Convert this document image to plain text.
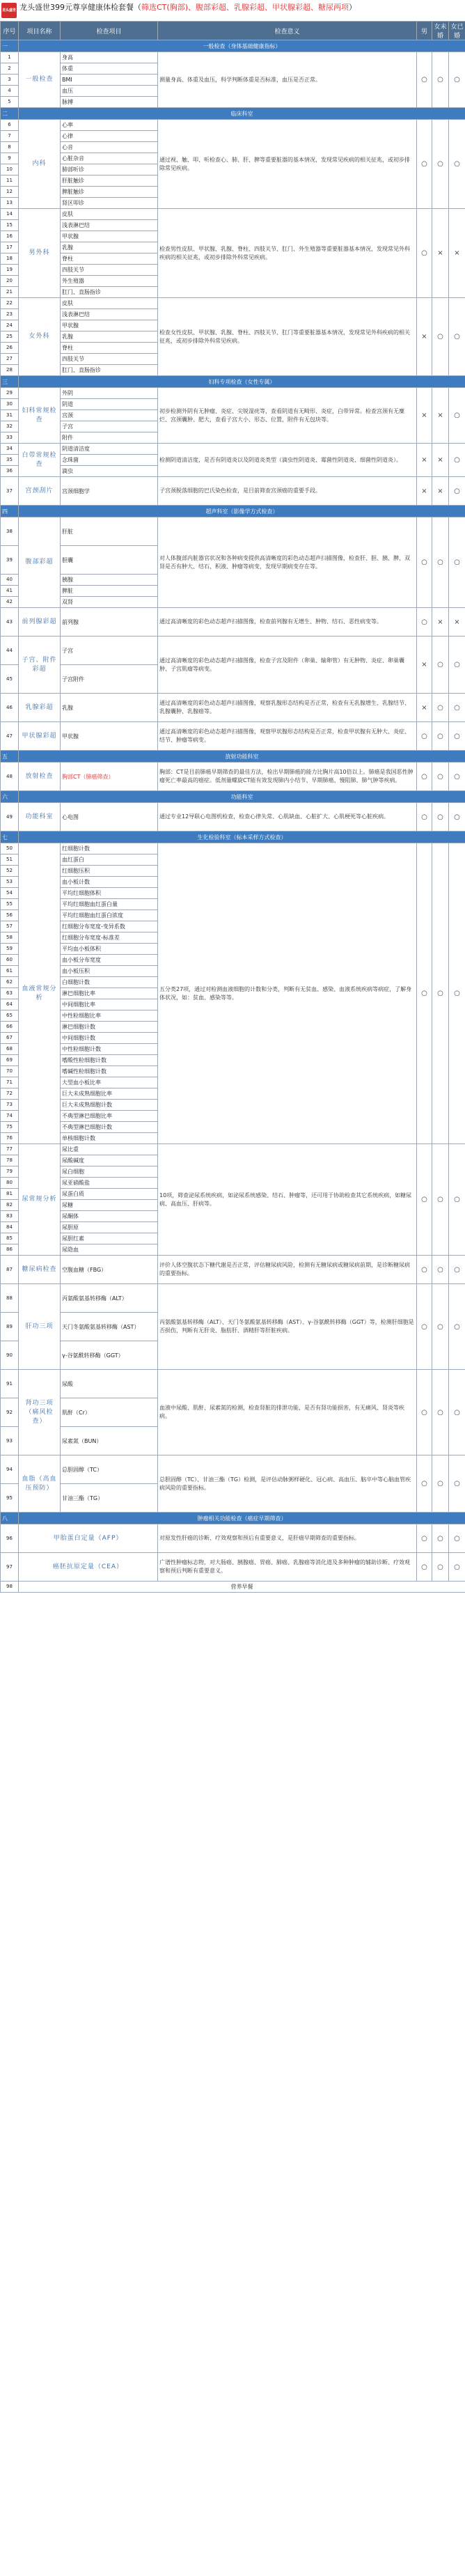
龙头盛世 龙头盛世399元尊享健康体检套餐（筛选CT(胸部)、腹部彩超、乳腺彩超、甲状腺彩超、糖尿两项）
序号	项目名称	检查项目	检查意义	男	女未婚	女已婚
一	一般检查（身体基础健康指标）					
1	一般检查	身高	测量身高、体重及血压，科学判断体重是否标准，血压是否正常。	○	○	○
2		体重				
3		BMI				
4		血压				
5		脉搏				
二	临床科室					
6	内科	心率	通过视、触、叩、听检查心、肺、肝、脾等重要脏器的基本情况，发现常见疾病的相关征兆，或初步排除常见疾病。	○	○	○
7		心律				
8		心音				
9		心脏杂音				
10		肺部听诊				
11		肝脏触诊				
12		脾脏触诊				
13		肾区叩诊				
14	男外科	皮肤	检查男性皮肤、甲状腺、乳腺、脊柱、四肢关节、肛门、外生殖器等重要脏器基本情况，发现常见外科疾病的相关征兆，或初步排除外科常见疾病。	○	×	×
15		浅表淋巴结				
16		甲状腺				
17		乳腺				
18		脊柱				
19		四肢关节				
20		外生殖器				
21		肛门、直肠指诊				
22	女外科	皮肤	检查女性皮肤、甲状腺、乳腺、脊柱、四肢关节、肛门等重要脏器基本情况，发现常见外科疾病的相关征兆，或初步排除外科常见疾病。	×	○	○
23		浅表淋巴结				
24		甲状腺				
25		乳腺				
26		脊柱				
27		四肢关节				
28		肛门、直肠指诊				
三	妇科专项检查（女性专属）					
29	妇科常规检查	外阴	初步检测外阴有无肿瘤、炎症、尖锐湿疣等，查看阴道有无畸形、炎症，白带异常。检查宫颈有无糜烂、宫颈囊肿、肥大，查看子宫大小、形态、位置，附件有无包块等。	×	×	○
30		阴道				
31		宫颈				
32		子宫				
33		附件				
34	白带常规检查	阴道清洁度	检测阴道清洁度，是否有阴道炎以及阴道炎类型（滴虫性阴道炎、霉菌性阴道炎、细菌性阴道炎）。	×	×	○
35		念珠菌				
36		滴虫				
37	宫颈刮片	宫颈细胞学	子宫颈脱落细胞的巴氏染色检查，是目前筛查宫颈癌的重要手段。	×	×	○
四	超声科室（影像学方式检查）					
38	腹部彩超	肝脏	对人体腹部内脏器官状况和各种病变提供高清晰度的彩色动态超声扫描图像，检查肝、胆、胰、脾、双肾是否有肿大、结石、积液、肿瘤等病变，发现早期病变存在等。	○	○	○
39		胆囊				
40		胰腺				
41		脾脏				
42		双肾				
43	前列腺彩超	前列腺	通过高清晰度的彩色动态超声扫描图像，检查前列腺有无增生、肿物、结石、恶性病变等。	○	×	×
44	子宫、附件彩超	子宫	通过高清晰度的彩色动态超声扫描图像，检查子宫及附件（卵巢、输卵管）有无肿物、炎症、卵巢囊肿、子宫肌瘤等病变。	×	○	○
45		子宫附件				
46	乳腺彩超	乳腺	通过高清晰度的彩色动态超声扫描图像，观察乳腺形态结构是否正常，检查有无乳腺增生、乳腺结节、乳腺囊肿、乳腺癌等。	×	○	○
47	甲状腺彩超	甲状腺	通过高清晰度的彩色动态超声扫描图像，观察甲状腺形态结构是否正常，检查甲状腺有无肿大、炎症、结节、肿瘤等病变。	○	○	○
五	放射功能科室					
48	放射检查	胸部CT（肺癌筛查）	胸部：CT是目前肺癌早期筛查的最佳方法，检出早期肺癌的能力比胸片高10倍以上。肺癌是我国恶性肿瘤死亡率最高的癌症。低剂量螺旋CT能有效发现肺内小结节、早期肺癌、慢阻肺、肺气肿等疾病。	○	○	○
六	功能科室					
49	功能科室	心电图	通过专业12导联心电图机检查，检查心律失常、心肌缺血、心脏扩大、心肌梗死等心脏疾病。	○	○	○
七	生化检验科室（标本采样方式检查）					
50	血液常规分析	红细胞计数	五分类27项，通过对检测血液细胞的计数和分类，判断有无贫血、感染、血液系统疾病等病症，了解身体状况，如：贫血、感染等等。	○	○	○
51		血红蛋白				
52		红细胞压积				
53		血小板计数				
54		平均红细胞体积				
55		平均红细胞血红蛋白量				
56		平均红细胞血红蛋白浓度				
57		红细胞分布宽度-变异系数				
58		红细胞分布宽度-标准差				
59		平均血小板体积				
60		血小板分布宽度				
61		血小板压积				
62		白细胞计数				
63		淋巴细胞比率				
64		中间细胞比率				
65		中性粒细胞比率				
66		淋巴细胞计数				
67		中间细胞计数				
68		中性粒细胞计数				
69		嗜酸性粒细胞计数				
70		嗜碱性粒细胞计数				
71		大型血小板比率				
72		巨大未成熟细胞比率				
73		巨大未成熟细胞计数				
74		不典型淋巴细胞比率				
75		不典型淋巴细胞计数				
76		单核细胞计数				
77	尿常规分析	尿比重	10项，筛查泌尿系统疾病，如泌尿系统感染、结石、肿瘤等，还可用于协助检查其它系统疾病，如糖尿病、高血压、肝病等。	○	○	○
78		尿酸碱度				
79		尿白细胞				
80		尿亚硝酸盐				
81		尿蛋白质				
82		尿糖				
83		尿酮体				
84		尿胆原				
85		尿胆红素				
86		尿隐血				
87	糖尿病检查	空腹血糖（FBG）	评价人体空腹状态下糖代谢是否正常，评估糖尿病风险，检测有无糖尿病或糖尿病前期，是诊断糖尿病的重要指标。	○	○	○
88	肝功三项	丙氨酸氨基转移酶（ALT）	丙氨酸氨基转移酶（ALT）、天门冬氨酸氨基转移酶（AST）、γ-谷氨酰转移酶（GGT）等，检测肝细胞是否损伤，判断有无肝炎、脂肪肝、酒精肝等肝脏疾病。	○	○	○
89		天门冬氨酸氨基转移酶（AST）				
90		γ-谷氨酰转移酶（GGT）				
91	肾功三项（痛风检查）	尿酸	血液中尿酸、肌酐、尿素氮的检测，检查肾脏的排泄功能，是否有肾功能损害，有无痛风、肾炎等疾病。	○	○	○
92		肌酐（Cr）				
93		尿素氮（BUN）				
94	血脂（高血压预防）	总胆固醇（TC）	总胆固醇（TC）、甘油三酯（TG）检测，是评估动脉粥样硬化、冠心病、高血压、脑卒中等心脑血管疾病风险的重要指标。	○	○	○
95		甘油三酯（TG）				
八	肿瘤相关功能检查（癌症早期筛查）					
96	甲胎蛋白定量（AFP）		对原发性肝癌的诊断、疗效观察和预后有重要意义，是肝癌早期筛查的重要指标。	○	○	○
97	癌胚抗原定量（CEA）		广谱性肿瘤标志物，对大肠癌、胰腺癌、胃癌、肺癌、乳腺癌等消化道及多种肿瘤的辅助诊断、疗效观察和预后判断有重要意义。	○	○	○
98	营养早餐					
